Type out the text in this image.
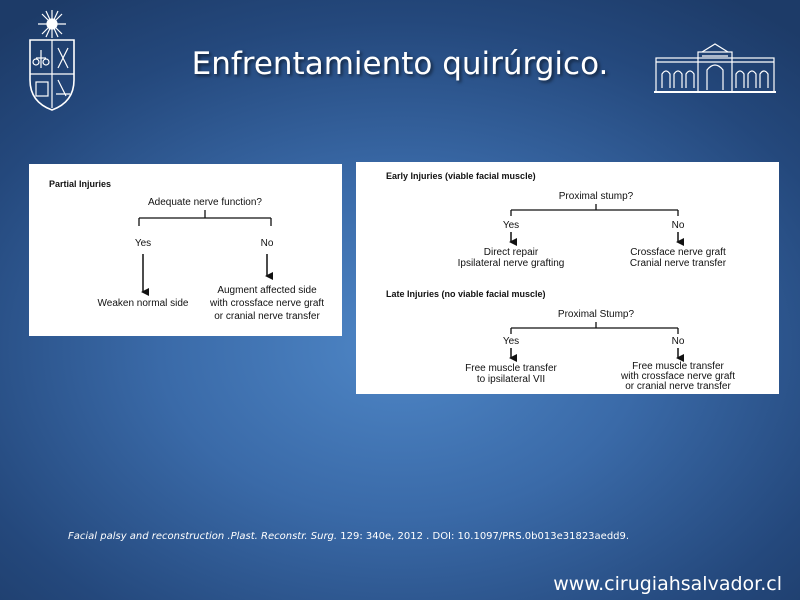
Enfrentamiento quirúrgico.
Partial Injuries
Adequate nerve function?
Yes	No
Weaken normal side
Augment affected side
with crossface nerve graft
or cranial nerve transfer
Early Injuries (viable facial muscle)
Proximal stump?
Yes	No
Direct repair
Ipsilateral nerve grafting
Crossface nerve graft
Cranial nerve transfer
Late Injuries (no viable facial muscle)
Proximal Stump?
Yes	No
Free muscle transfer
to ipsilateral VII
Free muscle transfer
with crossface nerve graft
or cranial nerve transfer
Facial palsy and reconstruction .Plast. Reconstr. Surg. 129: 340e, 2012 . DOI: 10.1097/PRS.0b013e31823aedd9.
www.cirugiahsalvador.cl
